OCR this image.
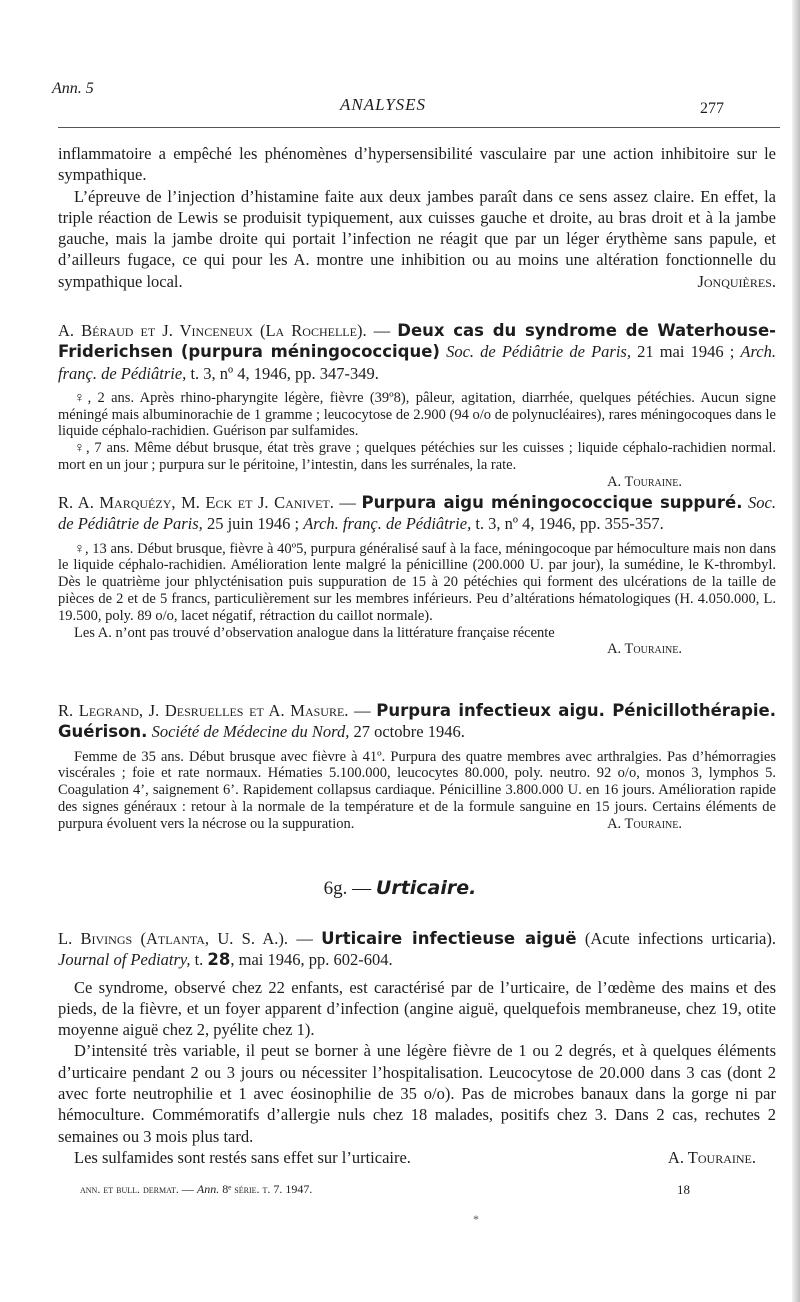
Ann. 5
ANALYSES	277
inflammatoire a empêché les phénomènes d’hypersensibilité vasculaire par une action inhibitoire sur le sympathique.
L’épreuve de l’injection d’histamine faite aux deux jambes paraît dans ce sens assez claire. En effet, la triple réaction de Lewis se produisit typiquement, aux cuisses gauche et droite, au bras droit et à la jambe gauche, mais la jambe droite qui portait l’infection ne réagit que par un léger érythème sans papule, et d’ailleurs fugace, ce qui pour les A. montre une inhibition ou au moins une altération fonctionnelle du sympathique local.	Jonquières.
A. Béraud et J. Vinceneux (La Rochelle). — Deux cas du syndrome de Waterhouse-Friderichsen (purpura méningococcique) Soc. de Pédiâtrie de Paris, 21 mai 1946 ; Arch. franç. de Pédiâtrie, t. 3, nº 4, 1946, pp. 347-349.
♀, 2 ans. Après rhino-pharyngite légère, fièvre (39º8), pâleur, agitation, diarrhée, quelques pétéchies. Aucun signe méningé mais albuminorachie de 1 gramme ; leucocytose de 2.900 (94 o/o de polynucléaires), rares méningocoques dans le liquide céphalo-rachidien. Guérison par sulfamides.
♀, 7 ans. Même début brusque, état très grave ; quelques pétéchies sur les cuisses ; liquide céphalo-rachidien normal. mort en un jour ; purpura sur le péritoine, l’intestin, dans les surrénales, la rate.
A. Touraine.
R. A. Marquézy, M. Eck et J. Canivet. — Purpura aigu méningococcique suppuré. Soc. de Pédiâtrie de Paris, 25 juin 1946 ; Arch. franç. de Pédiâtrie, t. 3, nº 4, 1946, pp. 355-357.
♀, 13 ans. Début brusque, fièvre à 40º5, purpura généralisé sauf à la face, méningocoque par hémoculture mais non dans le liquide céphalo-rachidien. Amélioration lente malgré la pénicilline (200.000 U. par jour), la sumédine, le K-thrombyl. Dès le quatrième jour phlycténisation puis suppuration de 15 à 20 pétéchies qui forment des ulcérations de la taille de pièces de 2 et de 5 francs, particulièrement sur les membres inférieurs. Peu d’altérations hématologiques (H. 4.050.000, L. 19.500, poly. 89 o/o, lacet négatif, rétraction du caillot normale).
Les A. n’ont pas trouvé d’observation analogue dans la littérature française récente
A. Touraine.
R. Legrand, J. Desruelles et A. Masure. — Purpura infectieux aigu. Pénicillothérapie. Guérison. Société de Médecine du Nord, 27 octobre 1946.
Femme de 35 ans. Début brusque avec fièvre à 41º. Purpura des quatre membres avec arthralgies. Pas d’hémorragies viscérales ; foie et rate normaux. Hématies 5.100.000, leucocytes 80.000, poly. neutro. 92 o/o, monos 3, lymphos 5. Coagulation 4’, saignement 6’. Rapidement collapsus cardiaque. Pénicilline 3.800.000 U. en 16 jours. Amélioration rapide des signes généraux : retour à la normale de la température et de la formule sanguine en 15 jours. Certains éléments de purpura évoluent vers la nécrose ou la suppuration.	A. Touraine.
6g. — Urticaire.
L. Bivings (Atlanta, U. S. A.). — Urticaire infectieuse aiguë (Acute infections urticaria). Journal of Pediatry, t. 28, mai 1946, pp. 602-604.
Ce syndrome, observé chez 22 enfants, est caractérisé par de l’urticaire, de l’œdème des mains et des pieds, de la fièvre, et un foyer apparent d’infection (angine aiguë, quelquefois membraneuse, chez 19, otite moyenne aiguë chez 2, pyélite chez 1).
D’intensité très variable, il peut se borner à une légère fièvre de 1 ou 2 degrés, et à quelques éléments d’urticaire pendant 2 ou 3 jours ou nécessiter l’hospitalisation. Leucocytose de 20.000 dans 3 cas (dont 2 avec forte neutrophilie et 1 avec éosinophilie de 35 o/o). Pas de microbes banaux dans la gorge ni par hémoculture. Commémoratifs d’allergie nuls chez 18 malades, positifs chez 3. Dans 2 cas, rechutes 2 semaines ou 3 mois plus tard.
Les sulfamides sont restés sans effet sur l’urticaire.	A. Touraine.
ann. et bull. dermat. — Ann. 8ᵉ série. t. 7. 1947.	18
*
